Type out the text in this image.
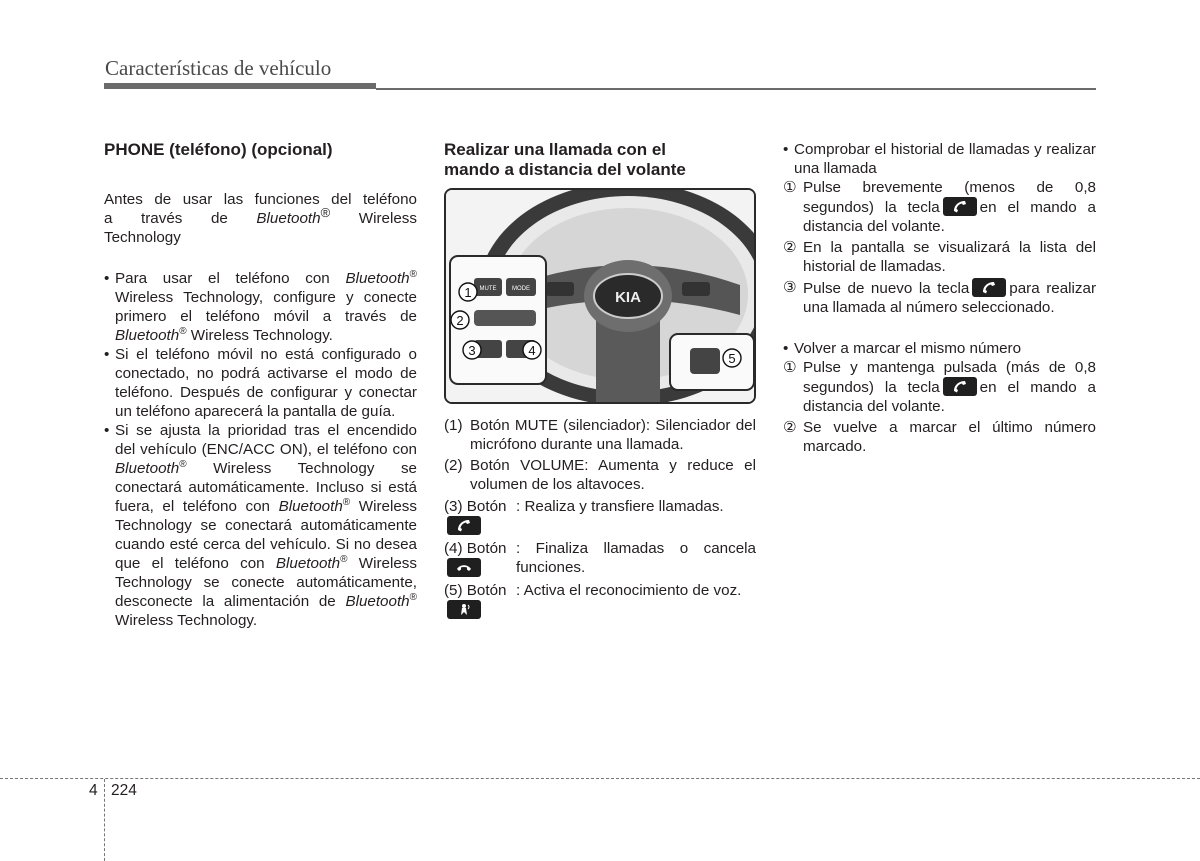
Características de vehículo
PHONE (teléfono) (opcional)

Antes de usar las funciones del teléfono

a través de Bluetooth® Wireless

Technology

• Para usar el teléfono con Bluetooth® Wireless Technology, configure y conecte primero el teléfono móvil a través de Bluetooth® Wireless Technology.
• Si el teléfono móvil no está configurado o conectado, no podrá activarse el modo de teléfono. Después de configurar y conectar un teléfono aparecerá la pantalla de guía.
• Si se ajusta la prioridad tras el encendido del vehículo (ENC/ACC ON), el teléfono con Bluetooth® Wireless Technology se conectará automáticamente. Incluso si está fuera, el teléfono con Bluetooth® Wireless Technology se conectará automáticamente cuando esté cerca del vehículo. Si no desea que el teléfono con Bluetooth® Wireless Technology se conecte automáticamente, desconecte la alimentación de Bluetooth® Wireless Technology.
Realizar una llamada con el
mando a distancia del volante
(1) Botón MUTE (silenciador): Silenciador del micrófono durante una llamada.
(2) Botón VOLUME: Aumenta y reduce el volumen de los altavoces.
(3) Botón : Realiza y transfiere llamadas.
(4) Botón : Finaliza llamadas o cancela funciones.
(5) Botón : Activa el reconocimiento de voz.
KIA
MUTE	MODE
1
2
3	4
5
• Comprobar el historial de llamadas y realizar una llamada
① Pulse brevemente (menos de 0,8 segundos) la tecla	en el mando a distancia del volante.
② En la pantalla se visualizará la lista del historial de llamadas.
③ Pulse de nuevo la tecla	para realizar una llamada al número seleccionado.
• Volver a marcar el mismo número
① Pulse y mantenga pulsada (más de 0,8 segundos) la tecla	en el mando a distancia del volante.
② Se vuelve a marcar el último número marcado.
4 224
